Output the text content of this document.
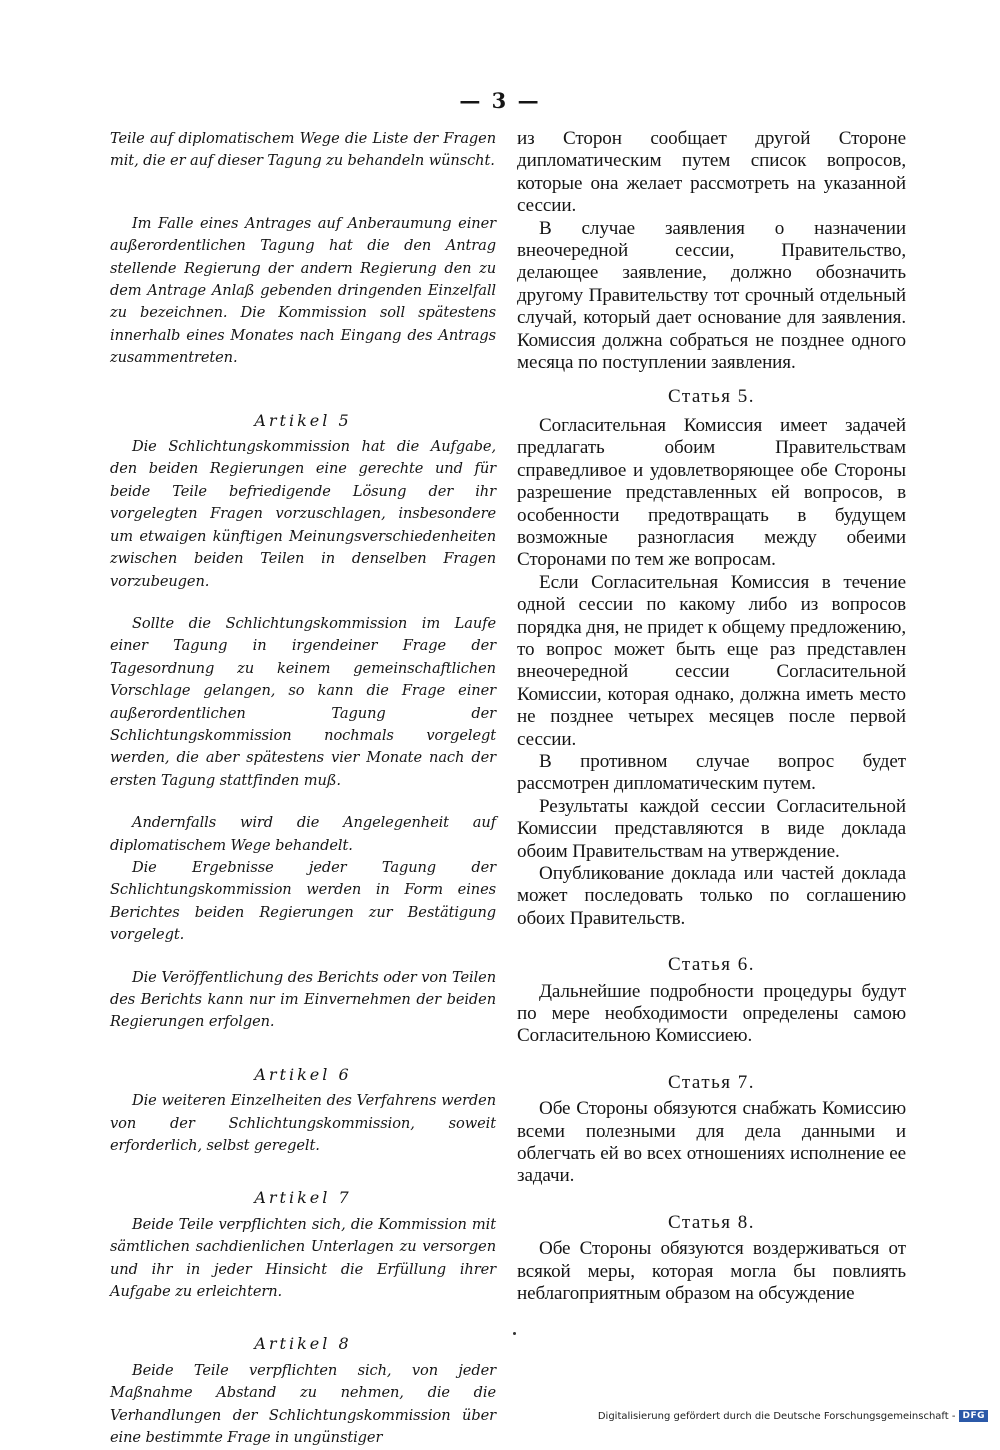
— 3 —

Teile auf diplomatischem Wege die Liste der Fragen mit, die er auf dieser Tagung zu behandeln wünscht.

Im Falle eines Antrages auf Anberaumung einer außerordentlichen Tagung hat die den Antrag stellende Regierung der andern Regierung den zu dem Antrage Anlaß gebenden dringenden Einzelfall zu bezeichnen. Die Kommission soll spätestens innerhalb eines Monates nach Eingang des Antrags zusammentreten.

Artikel 5

Die Schlichtungskommission hat die Aufgabe, den beiden Regierungen eine gerechte und für beide Teile befriedigende Lösung der ihr vorgelegten Fragen vorzuschlagen, insbesondere um etwaigen künftigen Meinungsverschiedenheiten zwischen beiden Teilen in denselben Fragen vorzubeugen.

Sollte die Schlichtungskommission im Laufe einer Tagung in irgendeiner Frage der Tagesordnung zu keinem gemeinschaftlichen Vorschlage gelangen, so kann die Frage einer außerordentlichen Tagung der Schlichtungskommission nochmals vorgelegt werden, die aber spätestens vier Monate nach der ersten Tagung stattfinden muß.

Andernfalls wird die Angelegenheit auf diplomatischem Wege behandelt.

Die Ergebnisse jeder Tagung der Schlichtungskommission werden in Form eines Berichtes beiden Regierungen zur Bestätigung vorgelegt.

Die Veröffentlichung des Berichts oder von Teilen des Berichts kann nur im Einvernehmen der beiden Regierungen erfolgen.

Artikel 6

Die weiteren Einzelheiten des Verfahrens werden von der Schlichtungskommission, soweit erforderlich, selbst geregelt.

Artikel 7

Beide Teile verpflichten sich, die Kommission mit sämtlichen sachdienlichen Unterlagen zu versorgen und ihr in jeder Hinsicht die Erfüllung ihrer Aufgabe zu erleichtern.

Artikel 8

Beide Teile verpflichten sich, von jeder Maßnahme Abstand zu nehmen, die die Verhandlungen der Schlichtungskommission über eine bestimmte Frage in ungünstiger

из Сторон сообщает другой Стороне дипломатическим путем список вопросов, которые она желает рассмотреть на указанной сессии.

В случае заявления о назначении внеочередной сессии, Правительство, делающее заявление, должно обозначить другому Правительству тот срочный отдельный случай, который дает основание для заявления. Комиссия должна собраться не позднее одного месяца по поступлении заявления.

Статья 5.

Согласительная Комиссия имеет задачей предлагать обоим Правительствам справедливое и удовлетворяющее обе Стороны разрешение представленных ей вопросов, в особенности предотвращать в будущем возможные разногласия между обеими Сторонами по тем же вопросам.

Если Согласительная Комиссия в течение одной сессии по какому либо из вопросов порядка дня, не придет к общему предложению, то вопрос может быть еще раз представлен внеочередной сессии Согласительной Комиссии, которая однако, должна иметь место не позднее четырех месяцев после первой сессии.

В противном случае вопрос будет рассмотрен дипломатическим путем.

Результаты каждой сессии Согласительной Комиссии представляются в виде доклада обоим Правительствам на утверждение.

Опубликование доклада или частей доклада может последовать только по соглашению обоих Правительств.

Статья 6.

Дальнейшие подробности процедуры будут по мере необходимости определены самою Согласительною Комиссиею.

Статья 7.

Обе Стороны обязуются снабжать Комиссию всеми полезными для дела данными и облегчать ей во всех отношениях исполнение ее задачи.

Статья 8.

Обе Стороны обязуются воздерживаться от всякой меры, которая могла бы повлиять неблагоприятным образом на обсуждение

Digitalisierung gefördert durch die Deutsche Forschungsgemeinschaft - DFG
